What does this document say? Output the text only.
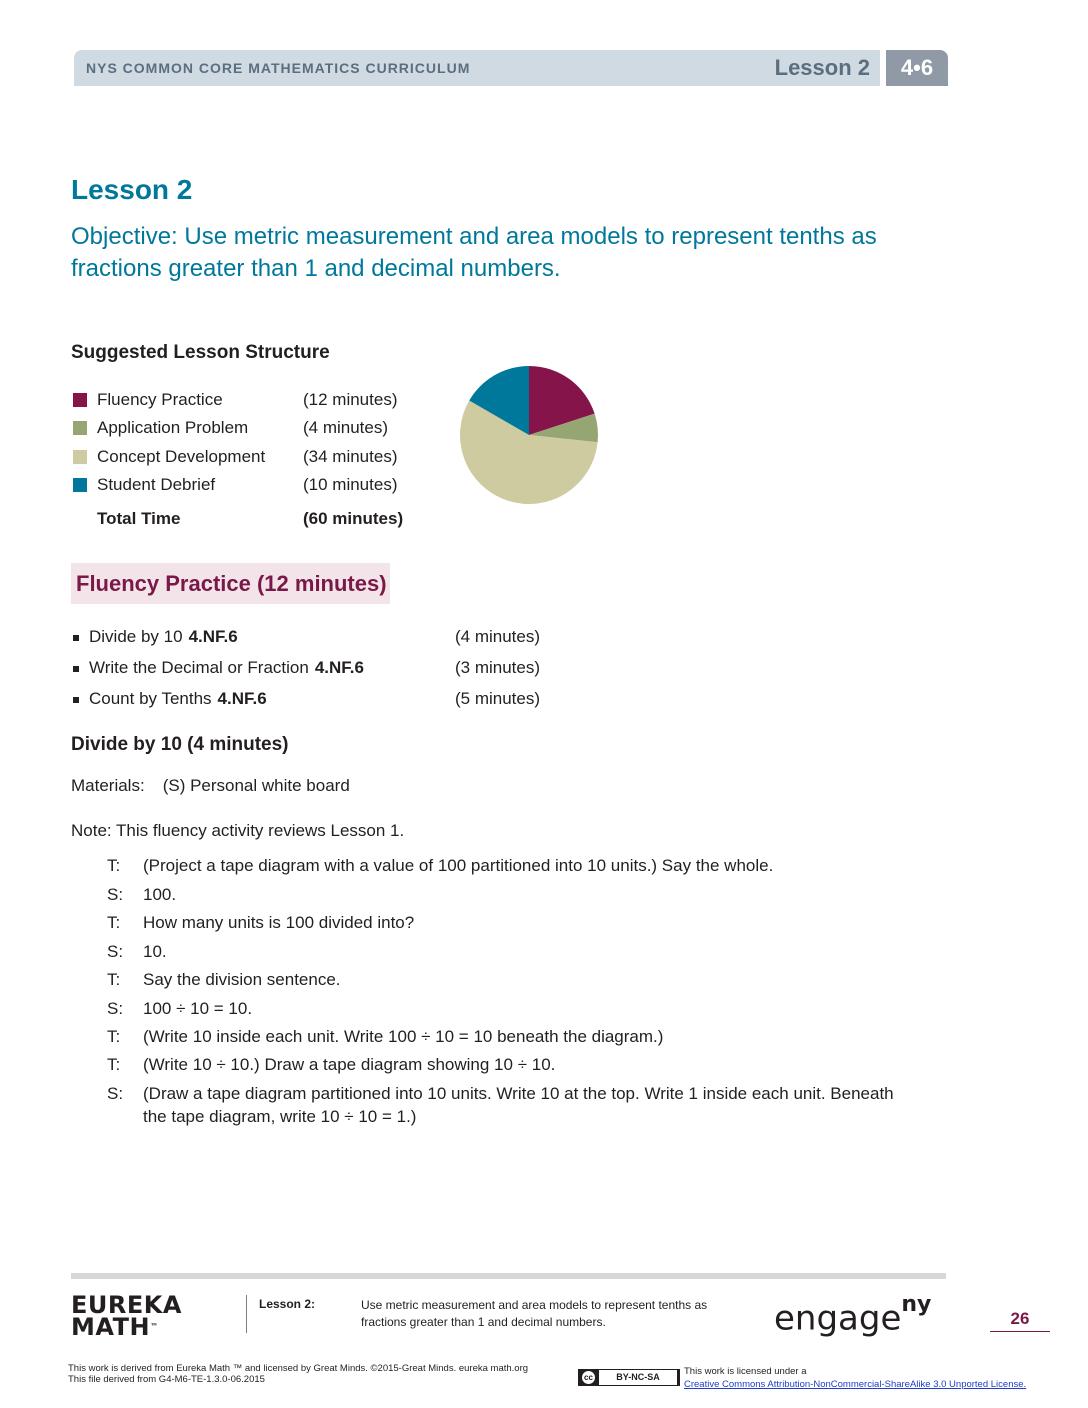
NYS COMMON CORE MATHEMATICS CURRICULUM	Lesson 2	4•6
Lesson 2
Objective: Use metric measurement and area models to represent tenths as fractions greater than 1 and decimal numbers.
Suggested Lesson Structure
Fluency Practice	(12 minutes)
Application Problem	(4 minutes)
Concept Development (34 minutes)
Student Debrief	(10 minutes)
Total Time	(60 minutes)
Fluency Practice (12 minutes)
Divide by 10 4.NF.6	(4 minutes)
Write the Decimal or Fraction 4.NF.6	(3 minutes)
Count by Tenths 4.NF.6	(5 minutes)
Divide by 10 (4 minutes)
Materials: (S) Personal white board
Note: This fluency activity reviews Lesson 1.
T: (Project a tape diagram with a value of 100 partitioned into 10 units.) Say the whole.
S: 100.
T: How many units is 100 divided into?
S: 10.
T: Say the division sentence.
S: 100 ÷ 10 = 10.
T: (Write 10 inside each unit. Write 100 ÷ 10 = 10 beneath the diagram.)
T: (Write 10 ÷ 10.) Draw a tape diagram showing 10 ÷ 10.
S: (Draw a tape diagram partitioned into 10 units. Write 10 at the top. Write 1 inside each unit. Beneath the tape diagram, write 10 ÷ 10 = 1.)
EUREKA
MATH™
Lesson 2:	Use metric measurement and area models to represent tenths as fractions greater than 1 and decimal numbers.	engage$^{ny}$
26
This work is derived from Eureka Math ™ and licensed by Great Minds. ©2015-Great Minds. eureka math.org
This file derived from G4-M6-TE-1.3.0-06.2015	cc	BY-NC-SA	This work is licensed under a
Creative Commons Attribution-NonCommercial-ShareAlike 3.0 Unported License.
